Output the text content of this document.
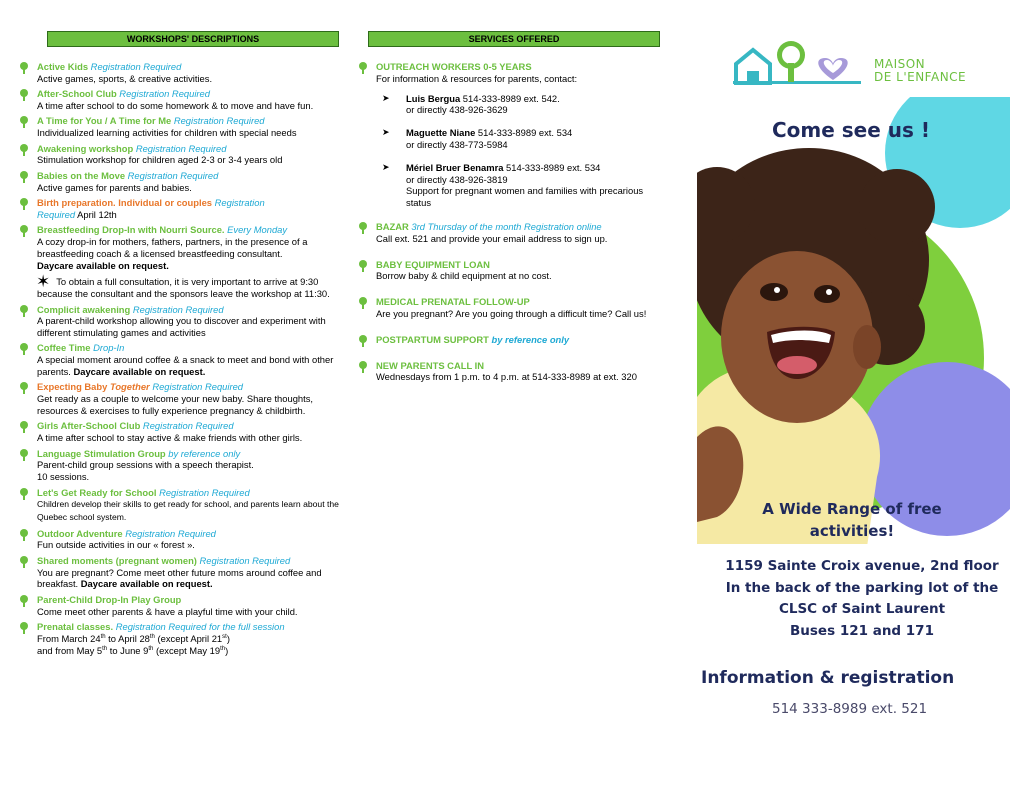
WORKSHOPS' DESCRIPTIONS
Active Kids Registration Required
Active games, sports, & creative activities.
After-School Club Registration Required
A time after school to do some homework & to move and have fun.
A Time for You / A Time for Me Registration Required
Individualized learning activities for children with special needs
Awakening workshop Registration Required
Stimulation workshop for children aged 2-3 or 3-4 years old
Babies on the Move Registration Required
Active games for parents and babies.
Birth preparation. Individual or couples Registration
Required April 12th
Breastfeeding Drop-In with Nourri Source. Every Monday
A cozy drop-in for mothers, fathers, partners, in the presence of a breastfeeding coach & a licensed breastfeeding consultant.
Daycare available on request.
✶ To obtain a full consultation, it is very important to arrive at 9:30 because the consultant and the sponsors leave the workshop at 11:30.
Complicit awakening Registration Required
A parent-child workshop allowing you to discover and experiment with different stimulating games and activities
Coffee Time Drop-In
A special moment around coffee & a snack to meet and bond with other parents. Daycare available on request.
Expecting Baby Together Registration Required
Get ready as a couple to welcome your new baby. Share thoughts, resources & exercises to fully experience pregnancy & childbirth.
Girls After-School Club Registration Required
A time after school to stay active & make friends with other girls.
Language Stimulation Group by reference only
Parent-child group sessions with a speech therapist.
10 sessions.
Let's Get Ready for School Registration Required
Children develop their skills to get ready for school, and parents learn about the Quebec school system.
Outdoor Adventure Registration Required
Fun outside activities in our « forest ».
Shared moments (pregnant women) Registration Required
You are pregnant? Come meet other future moms around coffee and breakfast. Daycare available on request.
Parent-Child Drop-In Play Group
Come meet other parents & have a playful time with your child.
Prenatal classes. Registration Required for the full session
From March 24th to April 28th (except April 21st)
and from May 5th to June 9th (except May 19th)
SERVICES OFFERED
OUTREACH WORKERS 0-5 YEARS
For information & resources for parents, contact:
➤ Luis Bergua 514-333-8989 ext. 542.
or directly 438-926-3629
➤ Maguette Niane 514-333-8989 ext. 534
or directly 438-773-5984
➤ Mériel Bruer Benamra 514-333-8989 ext. 534
or directly 438-926-3819
Support for pregnant women and families with precarious status
BAZAR 3rd Thursday of the month Registration online
Call ext. 521 and provide your email address to sign up.
BABY EQUIPMENT LOAN
Borrow baby & child equipment at no cost.
MEDICAL PRENATAL FOLLOW-UP
Are you pregnant? Are you going through a difficult time? Call us!
POSTPARTUM SUPPORT by reference only
NEW PARENTS CALL IN
Wednesdays from 1 p.m. to 4 p.m. at 514-333-8989 at ext. 320
MAISON
DE L'ENFANCE
Come see us !
A Wide Range of free
activities!
1159 Sainte Croix avenue, 2nd floor
In the back of the parking lot of the
CLSC of Saint Laurent
Buses 121 and 171
Information & registration
514 333-8989 ext. 521
